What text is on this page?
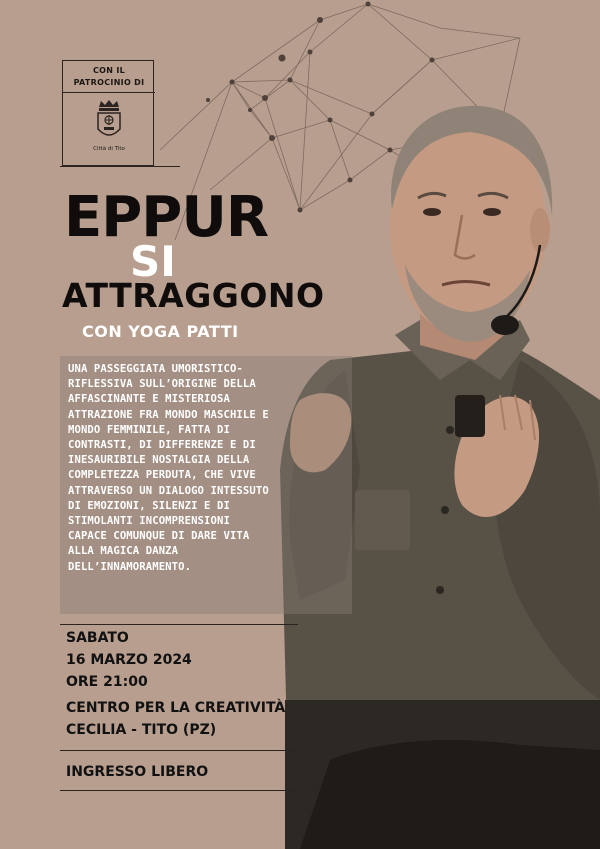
CON IL
PATROCINIO DI
Città di Tito
EPPUR
SI
ATTRAGGONO
CON YOGA PATTI
UNA PASSEGGIATA UMORISTICO-
RIFLESSIVA SULL’ORIGINE DELLA
AFFASCINANTE E MISTERIOSA
ATTRAZIONE FRA MONDO MASCHILE E
MONDO FEMMINILE, FATTA DI
CONTRASTI, DI DIFFERENZE E DI
INESAURIBILE NOSTALGIA DELLA
COMPLETEZZA PERDUTA, CHE VIVE
ATTRAVERSO UN DIALOGO INTESSUTO
DI EMOZIONI, SILENZI E DI
STIMOLANTI INCOMPRENSIONI
CAPACE COMUNQUE DI DARE VITA
ALLA MAGICA DANZA
DELL’INNAMORAMENTO.
SABATO
16 MARZO 2024
ORE 21:00
CENTRO PER LA CREATIVITÀ
CECILIA - TITO (PZ)
INGRESSO LIBERO
